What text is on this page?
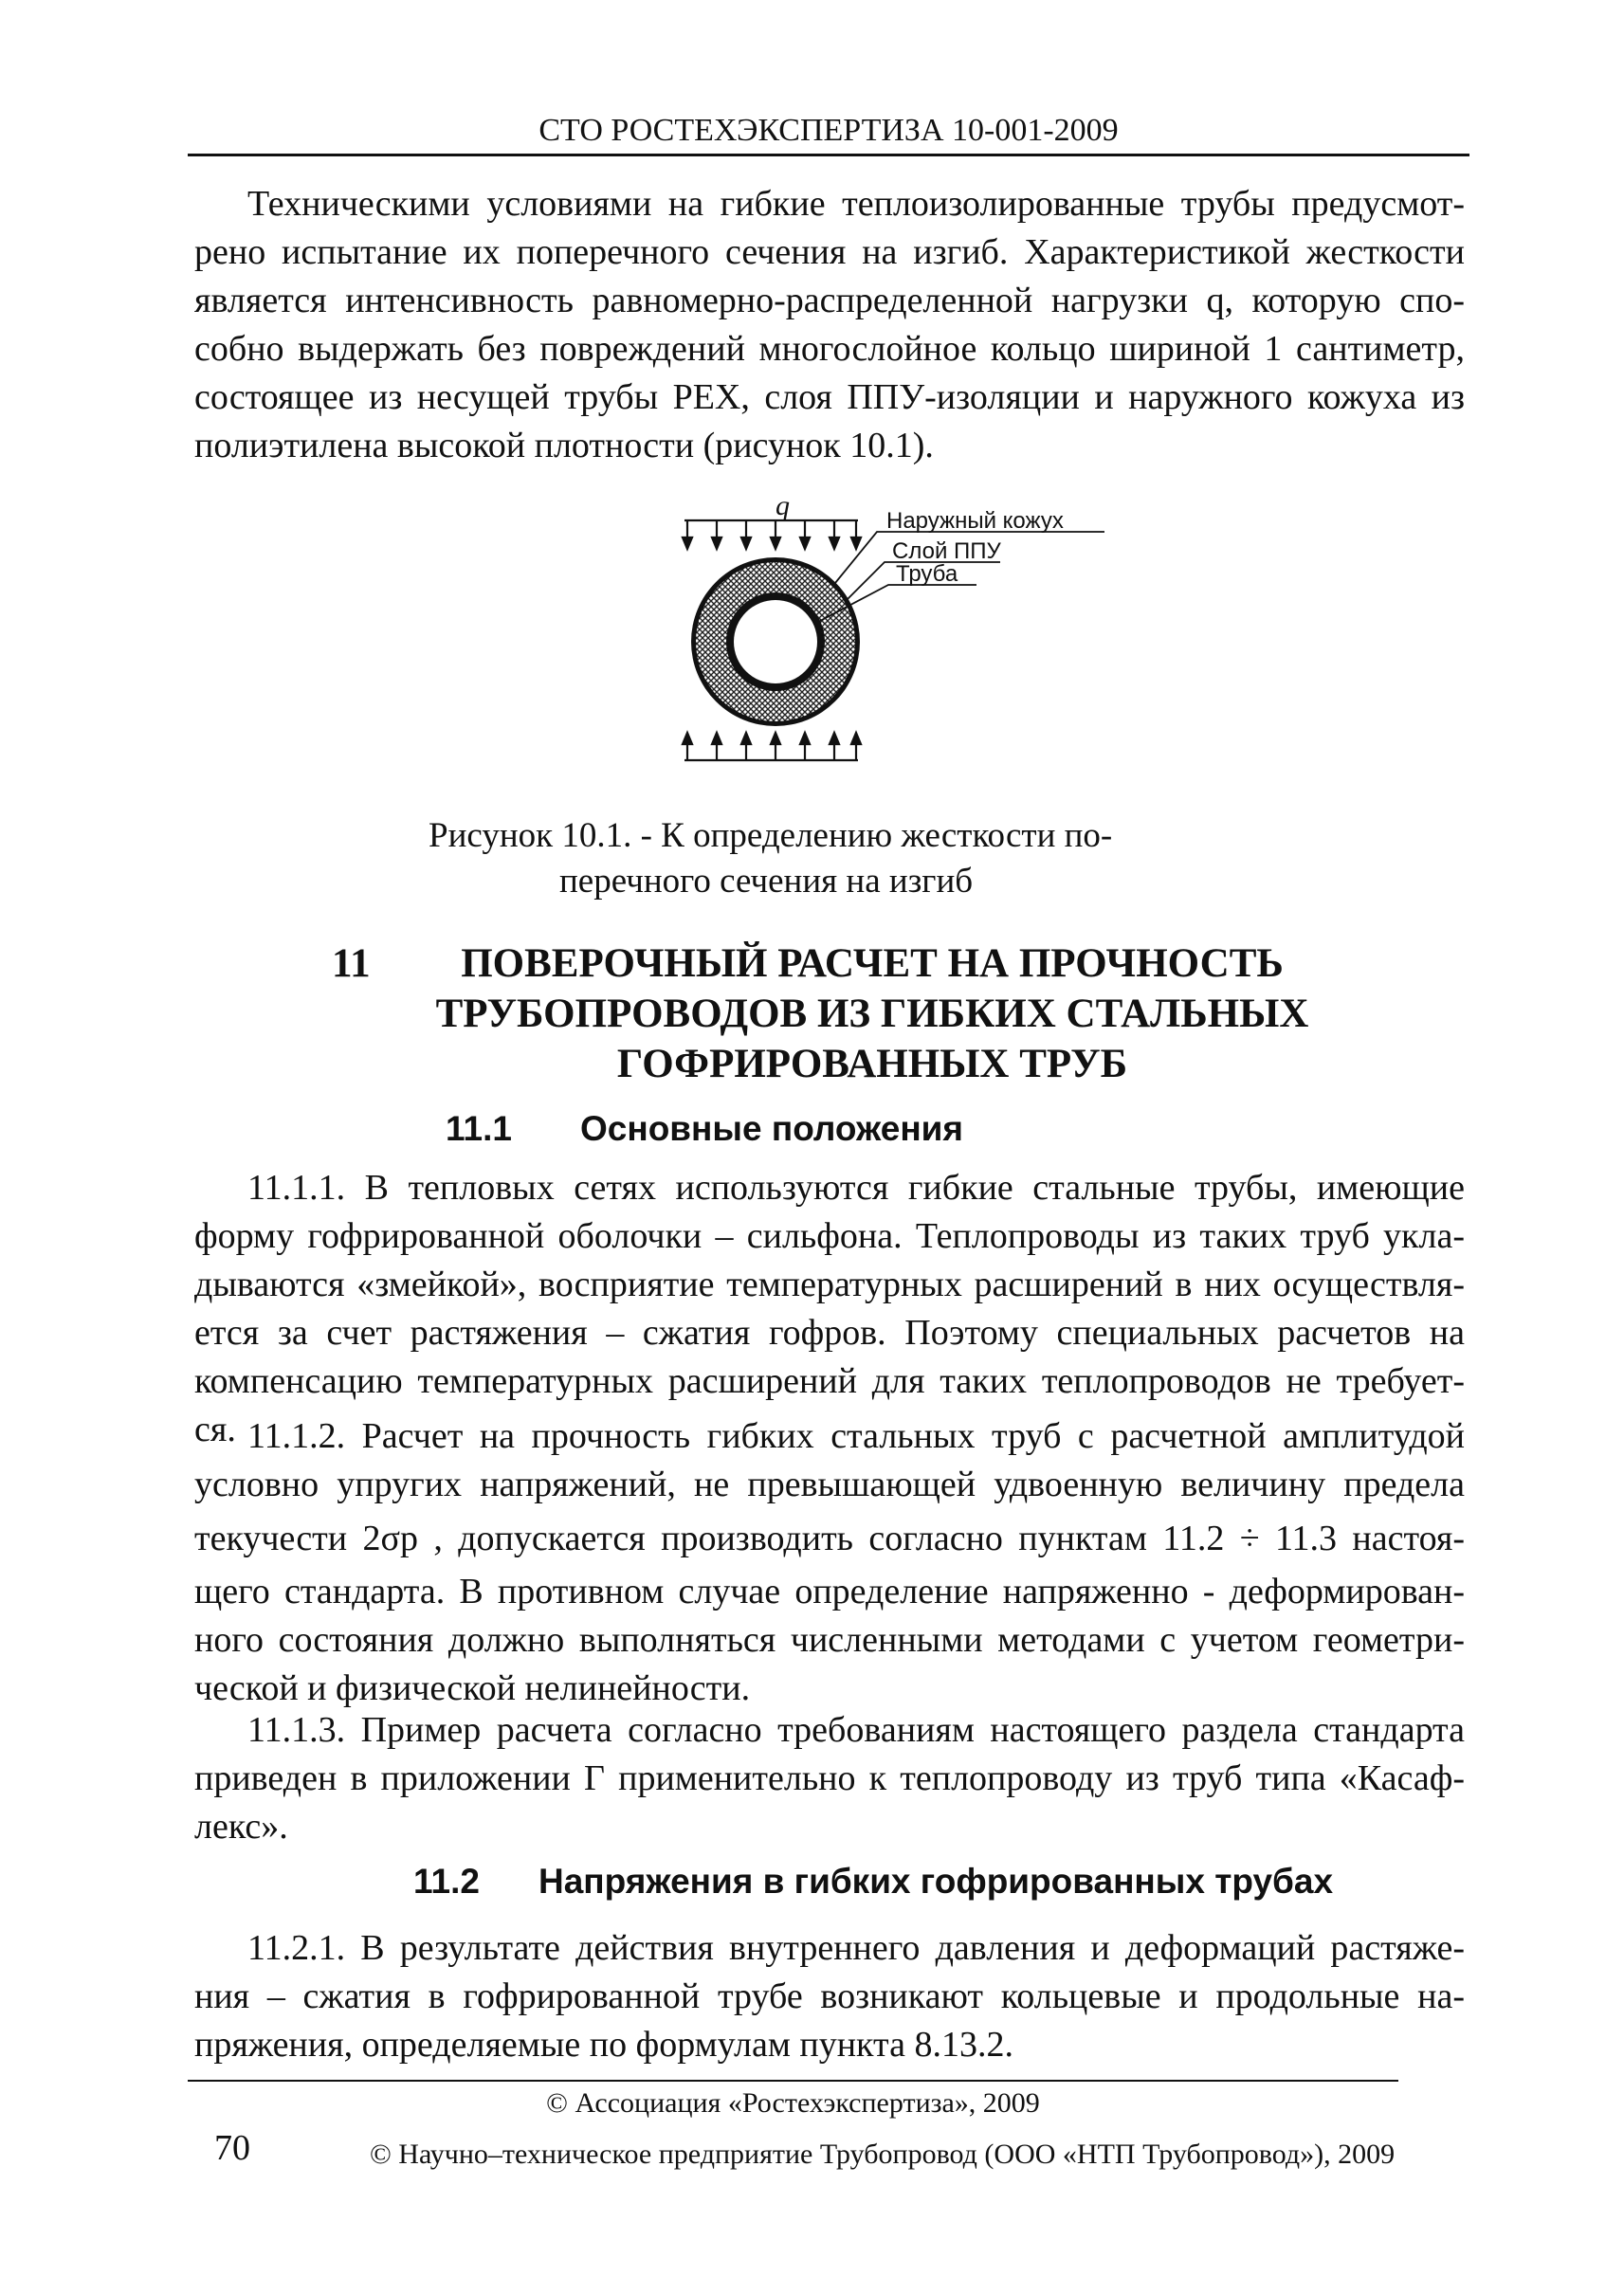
СТО РОСТЕХЭКСПЕРТИЗА 10-001-2009
Техническими условиями на гибкие теплоизолированные трубы предусмот-
рено испытание их поперечного сечения на изгиб. Характеристикой жесткости
является интенсивность равномерно-распределенной нагрузки q, которую спо-
собно выдержать без повреждений многослойное кольцо шириной 1 сантиметр,
состоящее из несущей трубы РЕХ, слоя ППУ-изоляции и наружного кожуха из
полиэтилена высокой плотности (рисунок 10.1).
q	Наружный кожух
Слой ППУ
Труба
Рисунок 10.1. - К определению жесткости по-
перечного сечения на изгиб
11	ПОВЕРОЧНЫЙ РАСЧЕТ НА ПРОЧНОСТЬ
ТРУБОПРОВОДОВ ИЗ ГИБКИХ СТАЛЬНЫХ
ГОФРИРОВАННЫХ ТРУБ
11.1 Основные положения
11.1.1. В тепловых сетях используются гибкие стальные трубы, имеющие
форму гофрированной оболочки – сильфона. Теплопроводы из таких труб укла-
дываются «змейкой», восприятие температурных расширений в них осуществля-
ется за счет растяжения – сжатия гофров. Поэтому специальных расчетов на
компенсацию температурных расширений для таких теплопроводов не требует-
ся. 11.1.2. Расчет на прочность гибких стальных труб с расчетной амплитудой
условно упругих напряжений, не превышающей удвоенную величину предела
текучести 2σp , допускается производить согласно пунктам 11.2 ÷ 11.3 настоя-
щего стандарта. В противном случае определение напряженно - деформирован-
ного состояния должно выполняться численными методами с учетом геометри-
ческой и физической нелинейности.
11.1.3. Пример расчета согласно требованиям настоящего раздела стандарта
приведен в приложении Г применительно к теплопроводу из труб типа «Касаф-
лекс».
11.2 Напряжения в гибких гофрированных трубах
11.2.1. В результате действия внутреннего давления и деформаций растяже-
ния – сжатия в гофрированной трубе возникают кольцевые и продольные на-
пряжения, определяемые по формулам пункта 8.13.2.
© Ассоциация «Ростехэкспертиза», 2009
70	© Научно–техническое предприятие Трубопровод (ООО «НТП Трубопровод»), 2009
